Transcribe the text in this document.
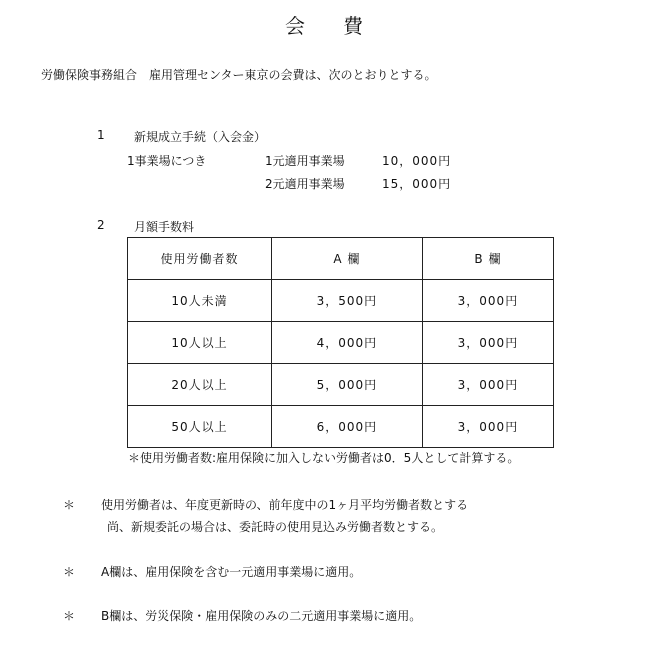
会 費
労働保険事務組合　雇用管理センター東京の会費は、次のとおりとする。
1 新規成立手続（入会金）
1事業場につき	1元適用事業場	10，000円
2元適用事業場	15，000円
2 月額手数料
使用労働者数	A 欄	B 欄
10人未満	3，500円	3，000円
10人以上	4，000円	3，000円
20人以上	5，000円	3，000円
50人以上	6，000円	3，000円
＊使用労働者数:雇用保険に加入しない労働者は0．5人として計算する。
＊ 使用労働者は、年度更新時の、前年度中の1ヶ月平均労働者数とする
尚、新規委託の場合は、委託時の使用見込み労働者数とする。
＊ A欄は、雇用保険を含む一元適用事業場に適用。
＊ B欄は、労災保険・雇用保険のみの二元適用事業場に適用。
